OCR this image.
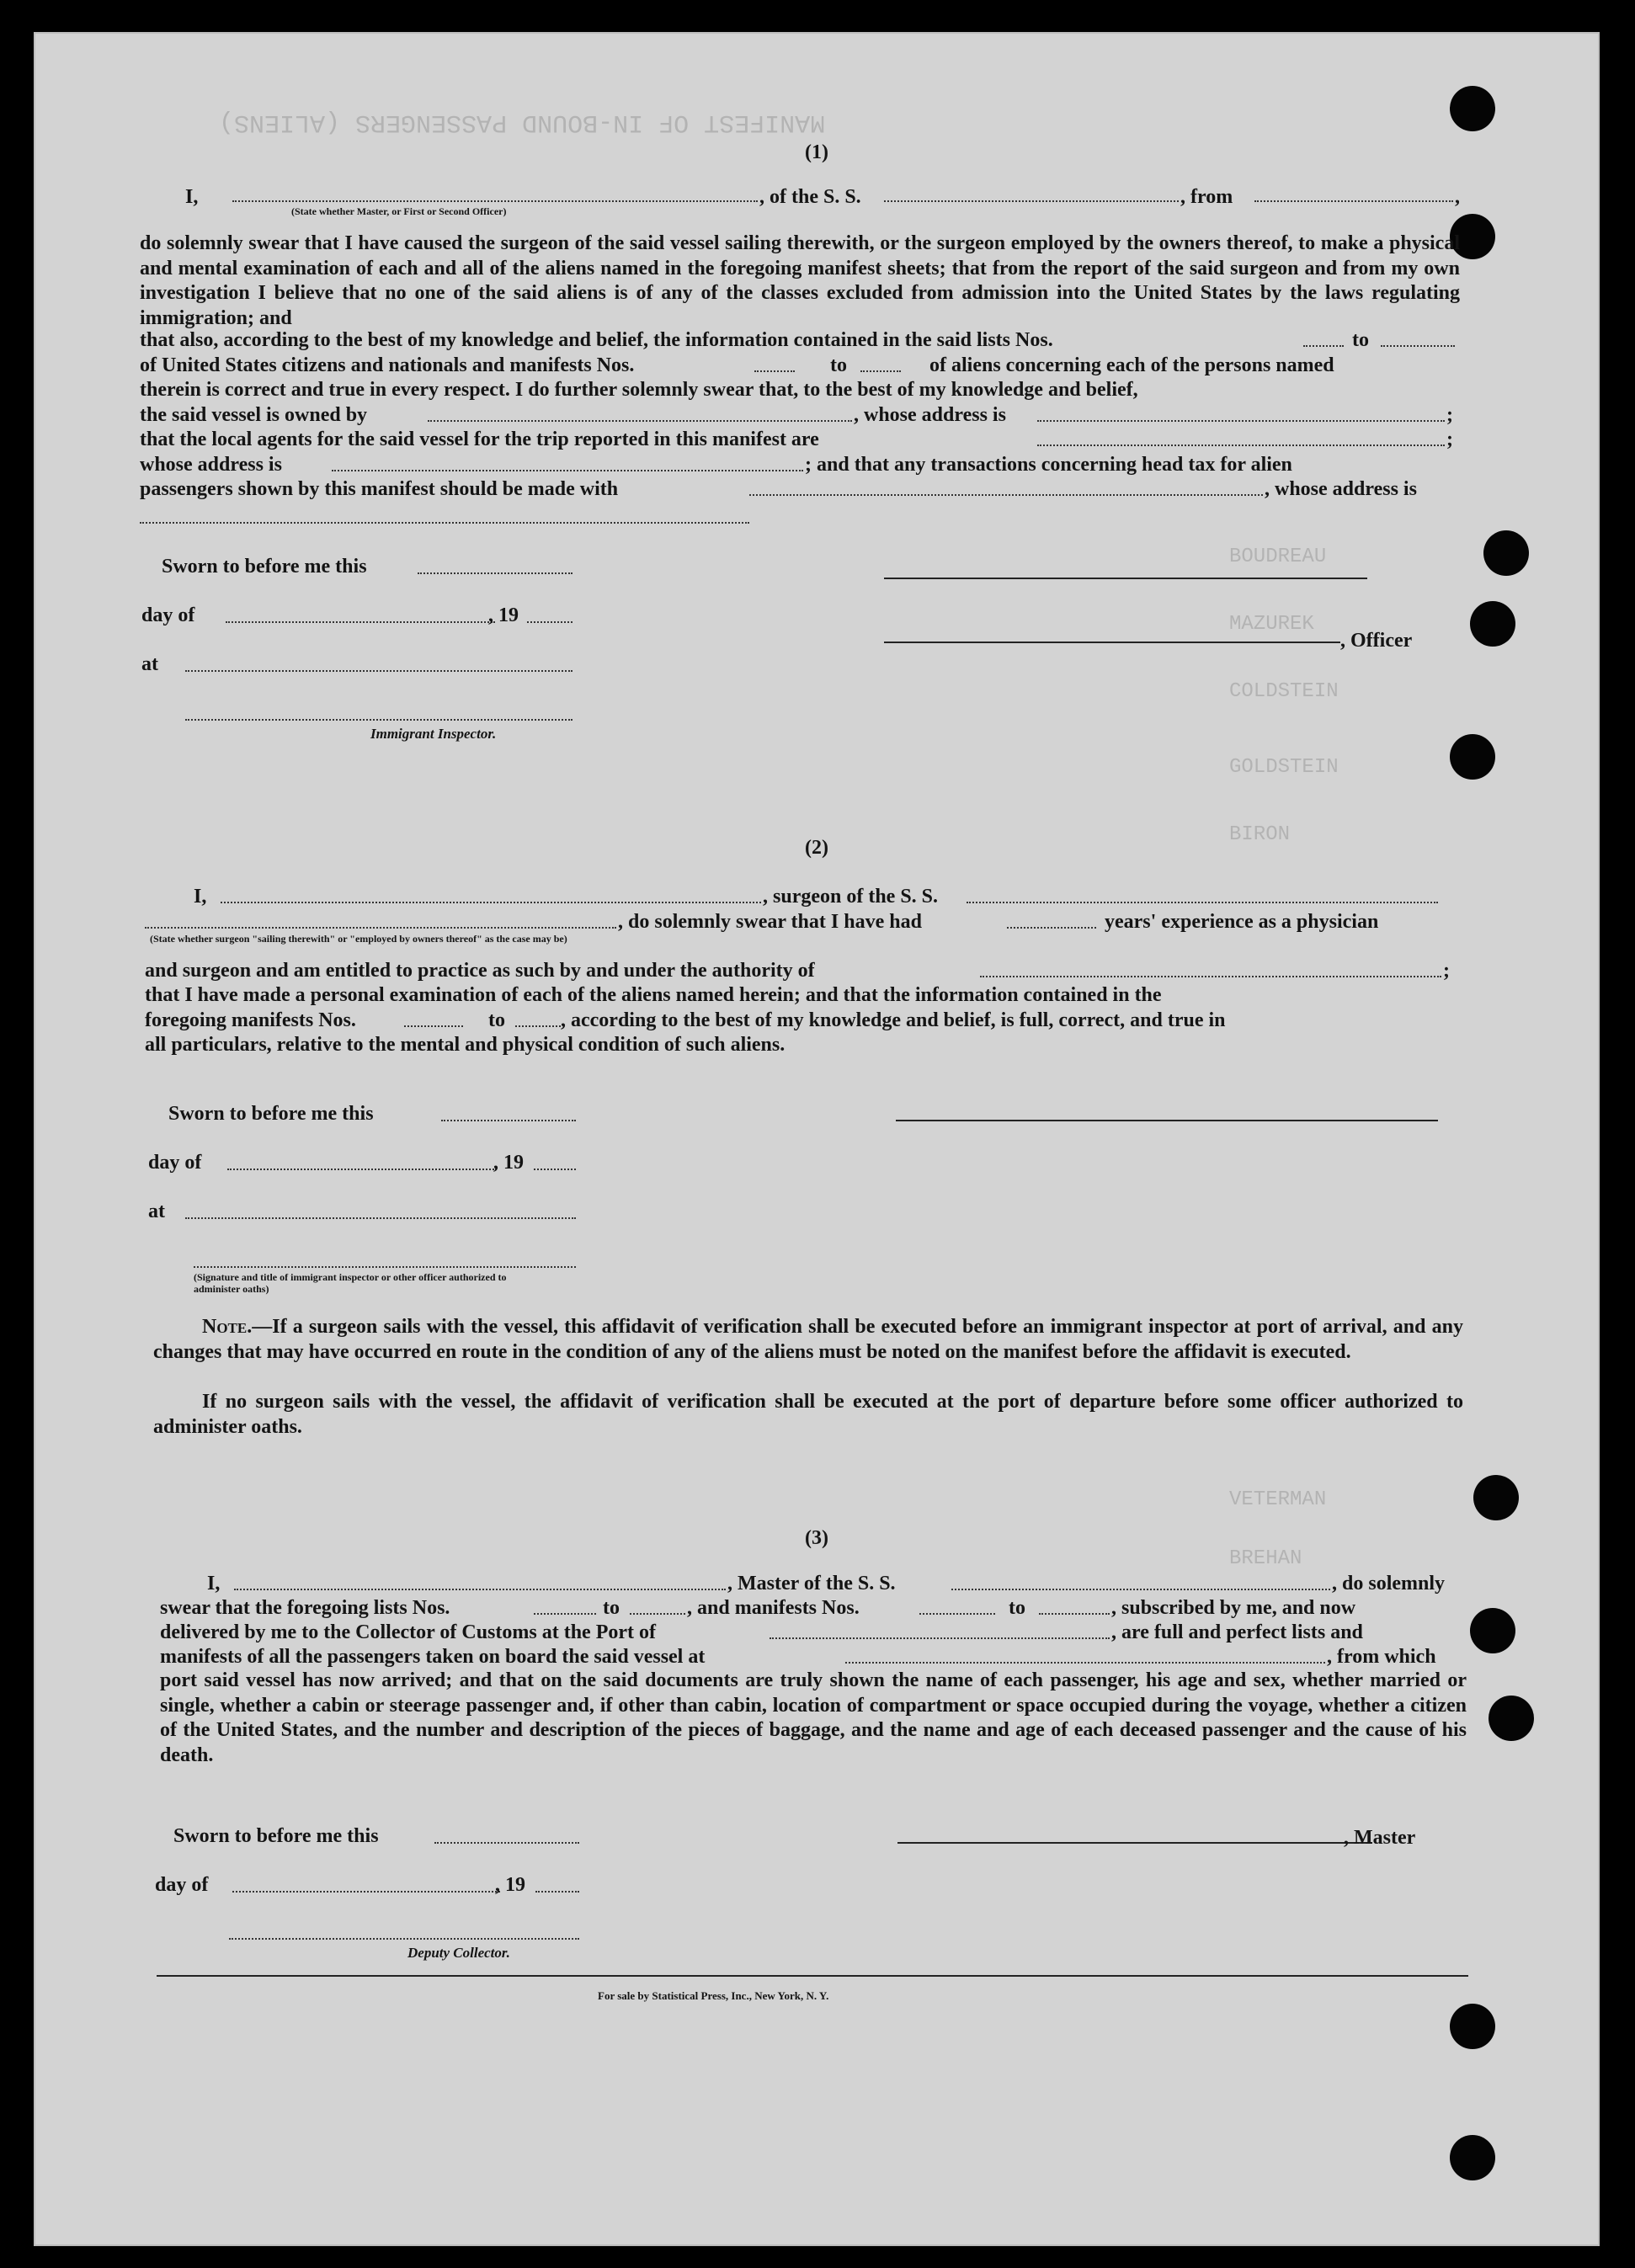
MANIFEST OF IN-BOUND PASSENGERS (ALIENS)
BOUDREAU
MAZUREK
COLDSTEIN
GOLDSTEIN
BIRON
VETERMAN
BREHAN
(1)
I,
(State whether Master, or First or Second Officer)
, of the S. S.	, from	,
do solemnly swear that I have caused the surgeon of the said vessel sailing therewith, or the surgeon employed by the owners thereof, to make a physical and mental examination of each and all of the aliens named in the foregoing manifest sheets; that from the report of the said surgeon and from my own investigation I believe that no one of the said aliens is of any of the classes excluded from admission into the United States by the laws regulating immigration; and
that also, according to the best of my knowledge and belief, the information contained in the said lists Nos.	to
of United States citizens and nationals and manifests Nos.	to	of aliens concerning each of the persons named
therein is correct and true in every respect. I do further solemnly swear that, to the best of my knowledge and belief,
the said vessel is owned by	, whose address is	;
that the local agents for the said vessel for the trip reported in this manifest are	;
whose address is	; and that any transactions concerning head tax for alien
passengers shown by this manifest should be made with	, whose address is
Sworn to before me this
day of	, 19
, Officer
at
Immigrant Inspector.
(2)
I,	, surgeon of the S. S.
(State whether surgeon "sailing therewith" or "employed by owners thereof" as the case may be)
, do solemnly swear that I have had	years' experience as a physician
and surgeon and am entitled to practice as such by and under the authority of	;
that I have made a personal examination of each of the aliens named herein; and that the information contained in the
foregoing manifests Nos.	to	, according to the best of my knowledge and belief, is full, correct, and true in
all particulars, relative to the mental and physical condition of such aliens.
Sworn to before me this
day of	, 19
at
(Signature and title of immigrant inspector or other officer authorized to administer oaths)
Note.—If a surgeon sails with the vessel, this affidavit of verification shall be executed before an immigrant inspector at port of arrival, and any changes that may have occurred en route in the condition of any of the aliens must be noted on the manifest before the affidavit is executed.
If no surgeon sails with the vessel, the affidavit of verification shall be executed at the port of departure before some officer authorized to administer oaths.
(3)
I,	, Master of the S. S.	, do solemnly
swear that the foregoing lists Nos.	to	, and manifests Nos.	to	, subscribed by me, and now
delivered by me to the Collector of Customs at the Port of	, are full and perfect lists and
manifests of all the passengers taken on board the said vessel at	, from which
port said vessel has now arrived; and that on the said documents are truly shown the name of each passenger, his age and sex, whether married or single, whether a cabin or steerage passenger and, if other than cabin, location of compartment or space occupied during the voyage, whether a citizen of the United States, and the number and description of the pieces of baggage, and the name and age of each deceased passenger and the cause of his death.
Sworn to before me this	, Master
day of	, 19
Deputy Collector.
For sale by Statistical Press, Inc., New York, N. Y.
